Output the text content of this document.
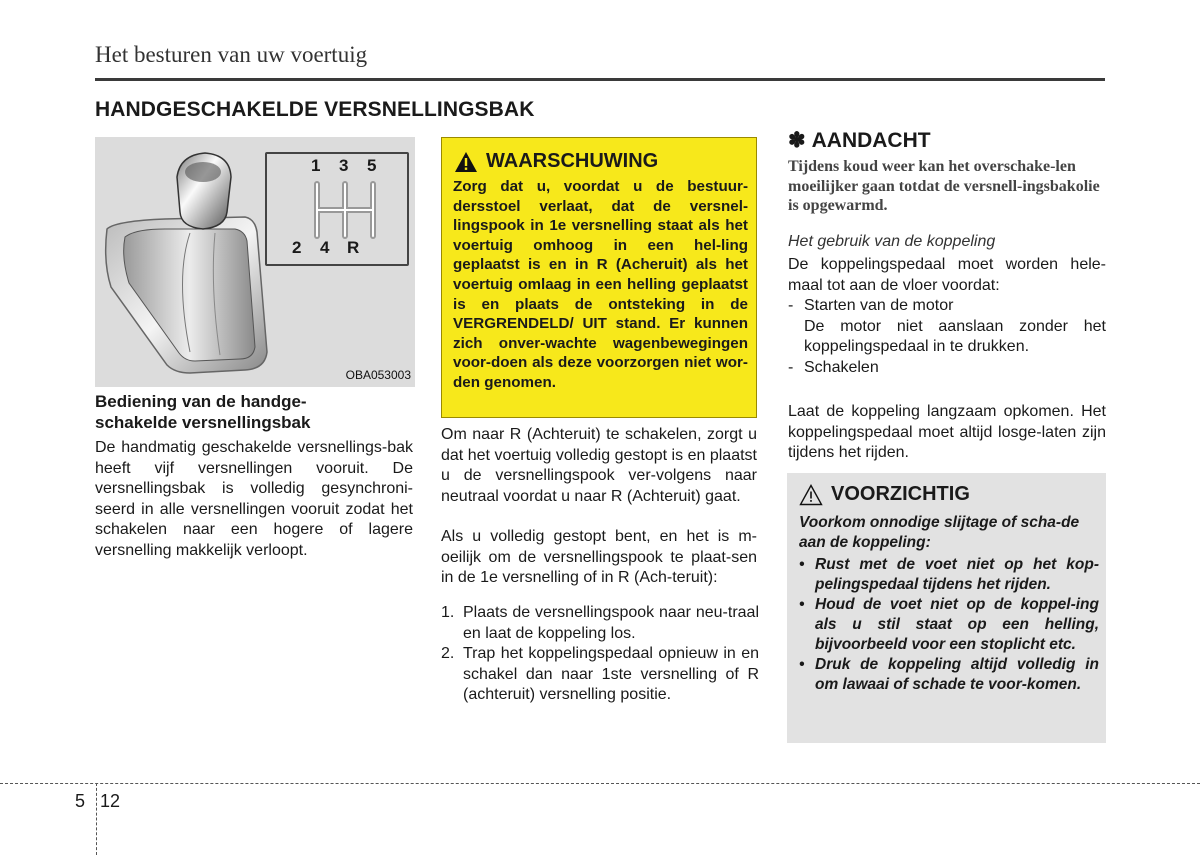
Het besturen van uw voertuig
HANDGESCHAKELDE VERSNELLINGSBAK
1 3 5
2 4 R
OBA053003
Bediening van de handge-
schakelde versnellingsbak
De handmatig geschakelde versnellings-bak heeft vijf versnellingen vooruit. De versnellingsbak is volledig gesynchroni-seerd in alle versnellingen vooruit zodat het schakelen naar een hogere of lagere versnelling makkelijk verloopt.
WAARSCHUWING
Zorg dat u, voordat u de bestuur-dersstoel verlaat, dat de versnel-lingspook in 1e versnelling staat als het voertuig omhoog in een hel-ling geplaatst is en in R (Acheruit) als het voertuig omlaag in een helling geplaatst is en plaats de ontsteking in de VERGRENDELD/ UIT stand. Er kunnen zich onver-wachte wagenbewegingen voor-doen als deze voorzorgen niet wor-den genomen.
Om naar R (Achteruit) te schakelen, zorgt u dat het voertuig volledig gestopt is en plaatst u de versnellingspook ver-volgens naar neutraal voordat u naar R (Achteruit) gaat.
Als u volledig gestopt bent, en het is m-oeilijk om de versnellingspook te plaat-sen in de 1e versnelling of in R (Ach-teruit):
1. Plaats de versnellingspook naar neu-traal en laat de koppeling los.
2. Trap het koppelingspedaal opnieuw in en schakel dan naar 1ste versnelling of R (achteruit) versnelling positie.
✽ AANDACHT
Tijdens koud weer kan het overschake-len moeilijker gaan totdat de versnell-ingsbakolie is opgewarmd.
Het gebruik van de koppeling
De koppelingspedaal moet worden hele-maal tot aan de vloer voordat:
- Starten van de motor
De motor niet aanslaan zonder het koppelingspedaal in te drukken.
- Schakelen
Laat de koppeling langzaam opkomen. Het koppelingspedaal moet altijd losge-laten zijn tijdens het rijden.
VOORZICHTIG
Voorkom onnodige slijtage of scha-de aan de koppeling:
• Rust met de voet niet op het kop-pelingspedaal tijdens het rijden.
• Houd de voet niet op de koppel-ing als u stil staat op een helling, bijvoorbeeld voor een stoplicht etc.
• Druk de koppeling altijd volledig in om lawaai of schade te voor-komen.
5 12
